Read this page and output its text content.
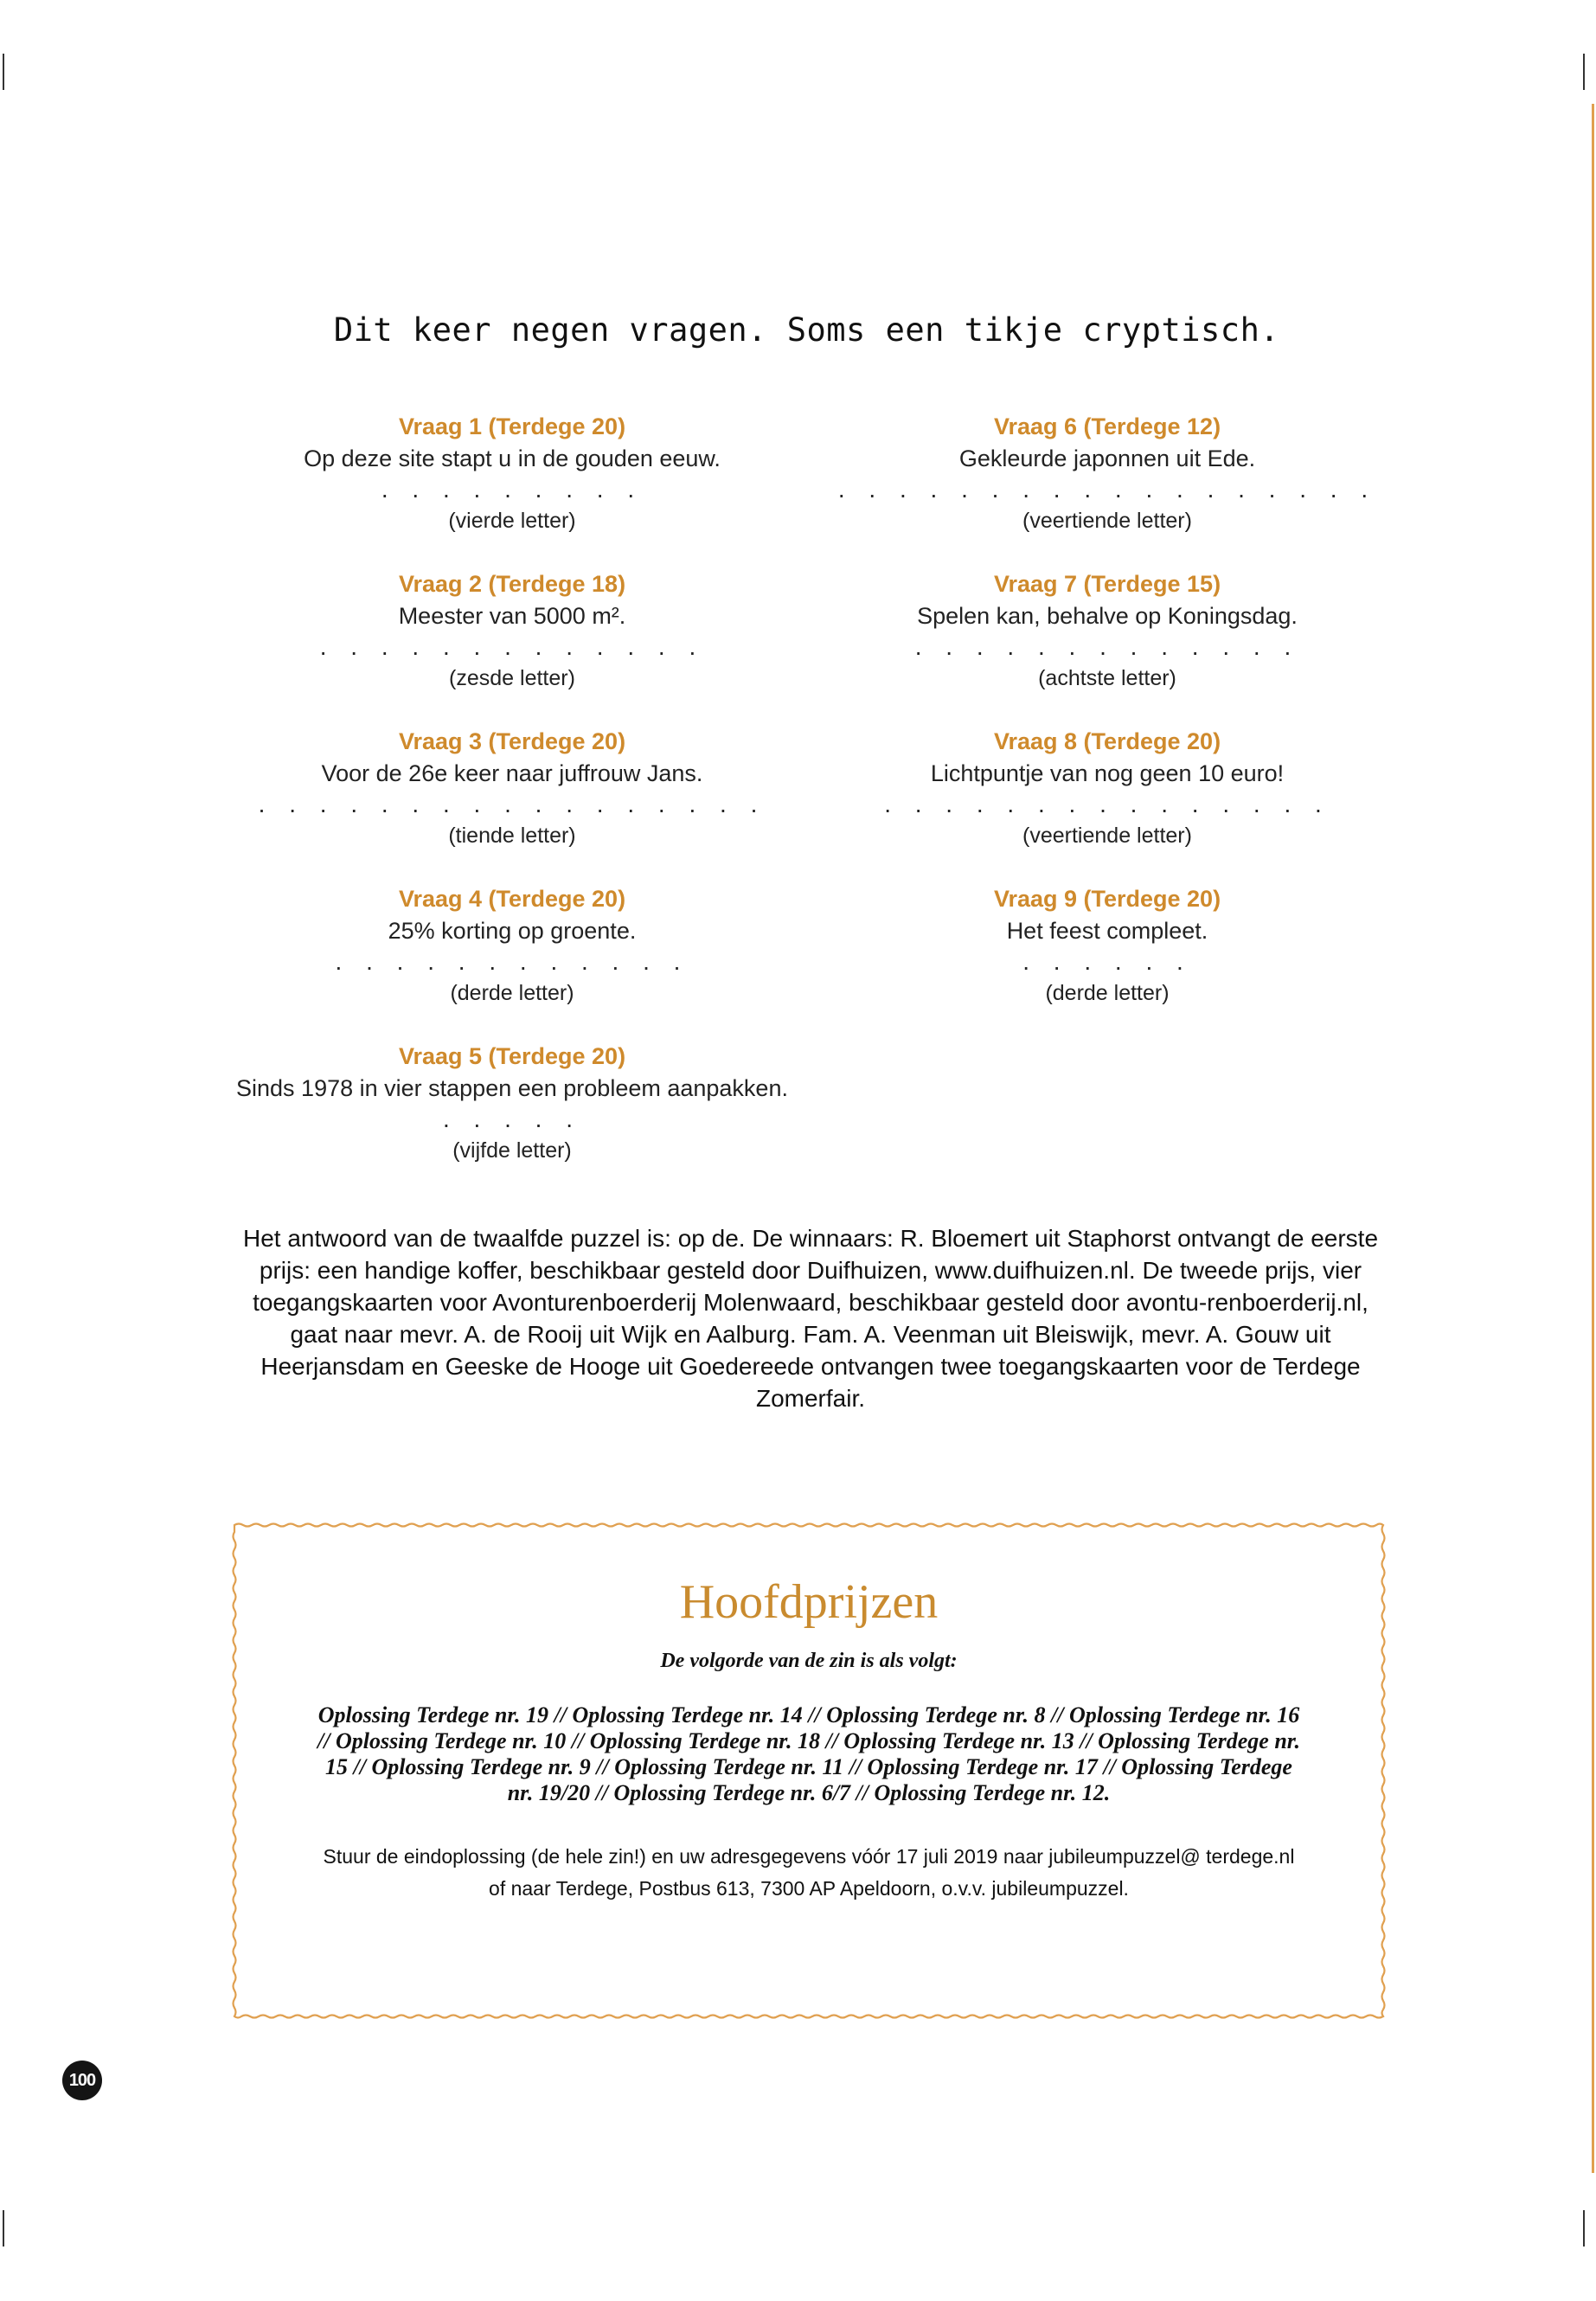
Dit keer negen vragen. Soms een tikje cryptisch.
Vraag 1 (Terdege 20)
Op deze site stapt u in de gouden eeuw.
. . . . . . . . .
(vierde letter)
Vraag 2 (Terdege 18)
Meester van 5000 m².
. . . . . . . . . . . . .
(zesde letter)
Vraag 3 (Terdege 20)
Voor de 26e keer naar juffrouw Jans.
. . . . . . . . . . . . . . . . .
(tiende letter)
Vraag 4 (Terdege 20)
25% korting op groente.
. . . . . . . . . . . .
(derde letter)
Vraag 5 (Terdege 20)
Sinds 1978 in vier stappen een probleem aanpakken.
. . . . .
(vijfde letter)
Vraag 6 (Terdege 12)
Gekleurde japonnen uit Ede.
. . . . . . . . . . . . . . . . . .
(veertiende letter)
Vraag 7 (Terdege 15)
Spelen kan, behalve op Koningsdag.
. . . . . . . . . . . . .
(achtste letter)
Vraag 8 (Terdege 20)
Lichtpuntje van nog geen 10 euro!
. . . . . . . . . . . . . . .
(veertiende letter)
Vraag 9 (Terdege 20)
Het feest compleet.
. . . . . .
(derde letter)
Het antwoord van de twaalfde puzzel is: op de. De winnaars: R. Bloemert uit Staphorst ontvangt de eerste prijs: een handige koffer, beschikbaar gesteld door Duifhuizen, www.duifhuizen.nl. De tweede prijs, vier toegangskaarten voor Avonturenboerderij Molenwaard, beschikbaar gesteld door avontu-renboerderij.nl, gaat naar mevr. A. de Rooij uit Wijk en Aalburg. Fam. A. Veenman uit Bleiswijk, mevr. A. Gouw uit Heerjansdam en Geeske de Hooge uit Goedereede ontvangen twee toegangskaarten voor de Terdege Zomerfair.
Hoofdprijzen
De volgorde van de zin is als volgt:
Oplossing Terdege nr. 19 // Oplossing Terdege nr. 14 // Oplossing Terdege nr. 8 // Oplossing Terdege nr. 16 // Oplossing Terdege nr. 10 // Oplossing Terdege nr. 18 // Oplossing Terdege nr. 13 // Oplossing Terdege nr. 15 // Oplossing Terdege nr. 9 // Oplossing Terdege nr. 11 // Oplossing Terdege nr. 17 // Oplossing Terdege nr. 19/20 // Oplossing Terdege nr. 6/7 // Oplossing Terdege nr. 12.
Stuur de eindoplossing (de hele zin!) en uw adresgegevens vóór 17 juli 2019 naar jubileumpuzzel@ terdege.nl of naar Terdege, Postbus 613, 7300 AP Apeldoorn, o.v.v. jubileumpuzzel.
100
